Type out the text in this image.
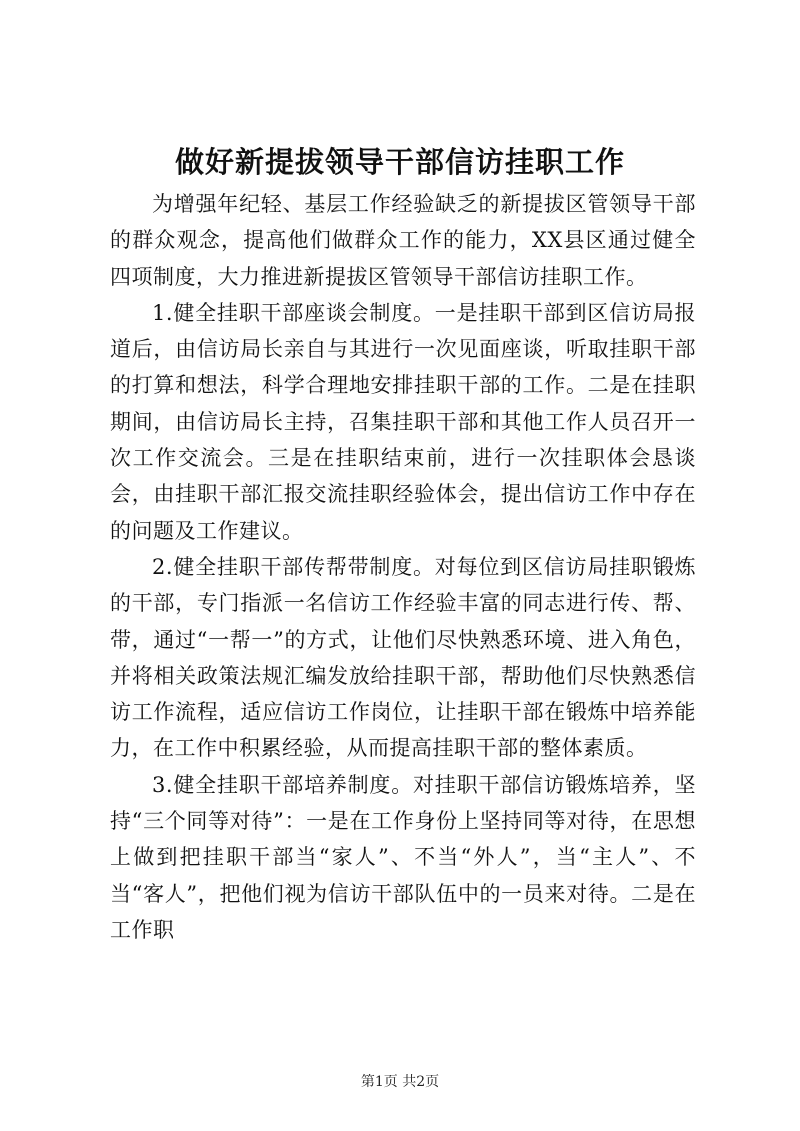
做好新提拔领导干部信访挂职工作

为增强年纪轻、基层工作经验缺乏的新提拔区管领导干部的群众观念，提高他们做群众工作的能力，XX县区通过健全四项制度，大力推进新提拔区管领导干部信访挂职工作。

1.健全挂职干部座谈会制度。一是挂职干部到区信访局报道后，由信访局长亲自与其进行一次见面座谈，听取挂职干部的打算和想法，科学合理地安排挂职干部的工作。二是在挂职期间，由信访局长主持，召集挂职干部和其他工作人员召开一次工作交流会。三是在挂职结束前，进行一次挂职体会恳谈会，由挂职干部汇报交流挂职经验体会，提出信访工作中存在的问题及工作建议。

2.健全挂职干部传帮带制度。对每位到区信访局挂职锻炼的干部，专门指派一名信访工作经验丰富的同志进行传、帮、带，通过“一帮一”的方式，让他们尽快熟悉环境、进入角色，并将相关政策法规汇编发放给挂职干部，帮助他们尽快熟悉信访工作流程，适应信访工作岗位，让挂职干部在锻炼中培养能力，在工作中积累经验，从而提高挂职干部的整体素质。

3.健全挂职干部培养制度。对挂职干部信访锻炼培养，坚持“三个同等对待”：一是在工作身份上坚持同等对待，在思想上做到把挂职干部当“家人”、不当“外人”，当“主人”、不当“客人”，把他们视为信访干部队伍中的一员来对待。二是在工作职

第1页 共2页
